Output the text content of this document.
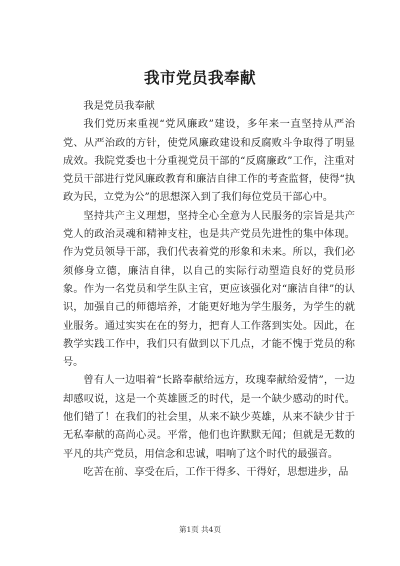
我市党员我奉献

我是党员我奉献

我们党历来重视“党风廉政”建设，多年来一直坚持从严治党、从严治政的方针，使党风廉政建设和反腐败斗争取得了明显成效。我院党委也十分重视党员干部的“反腐廉政”工作，注重对党员干部进行党风廉政教育和廉洁自律工作的考查监督，使得“执政为民，立党为公”的思想深入到了我们每位党员干部心中。

坚持共产主义理想，坚持全心全意为人民服务的宗旨是共产党人的政治灵魂和精神支柱，也是共产党员先进性的集中体现。作为党员领导干部，我们代表着党的形象和未来。所以，我们必须修身立德，廉洁自律，以自己的实际行动塑造良好的党员形象。作为一名党员和学生队主官，更应该强化对“廉洁自律”的认识，加强自己的师德培养，才能更好地为学生服务，为学生的就业服务。通过实实在在的努力，把育人工作落到实处。因此，在教学实践工作中，我们只有做到以下几点，才能不愧于党员的称号。

曾有人一边唱着“长路奉献给远方，玫瑰奉献给爱情”，一边却感叹说，这是一个英雄匮乏的时代，是一个缺少感动的时代。他们错了！在我们的社会里，从来不缺少英雄，从来不缺少甘于无私奉献的高尚心灵。平常，他们也许默默无闻；但就是无数的平凡的共产党员，用信念和忠诚，唱响了这个时代的最强音。

吃苦在前、享受在后，工作干得多、干得好，思想进步，品

第1页 共4页
